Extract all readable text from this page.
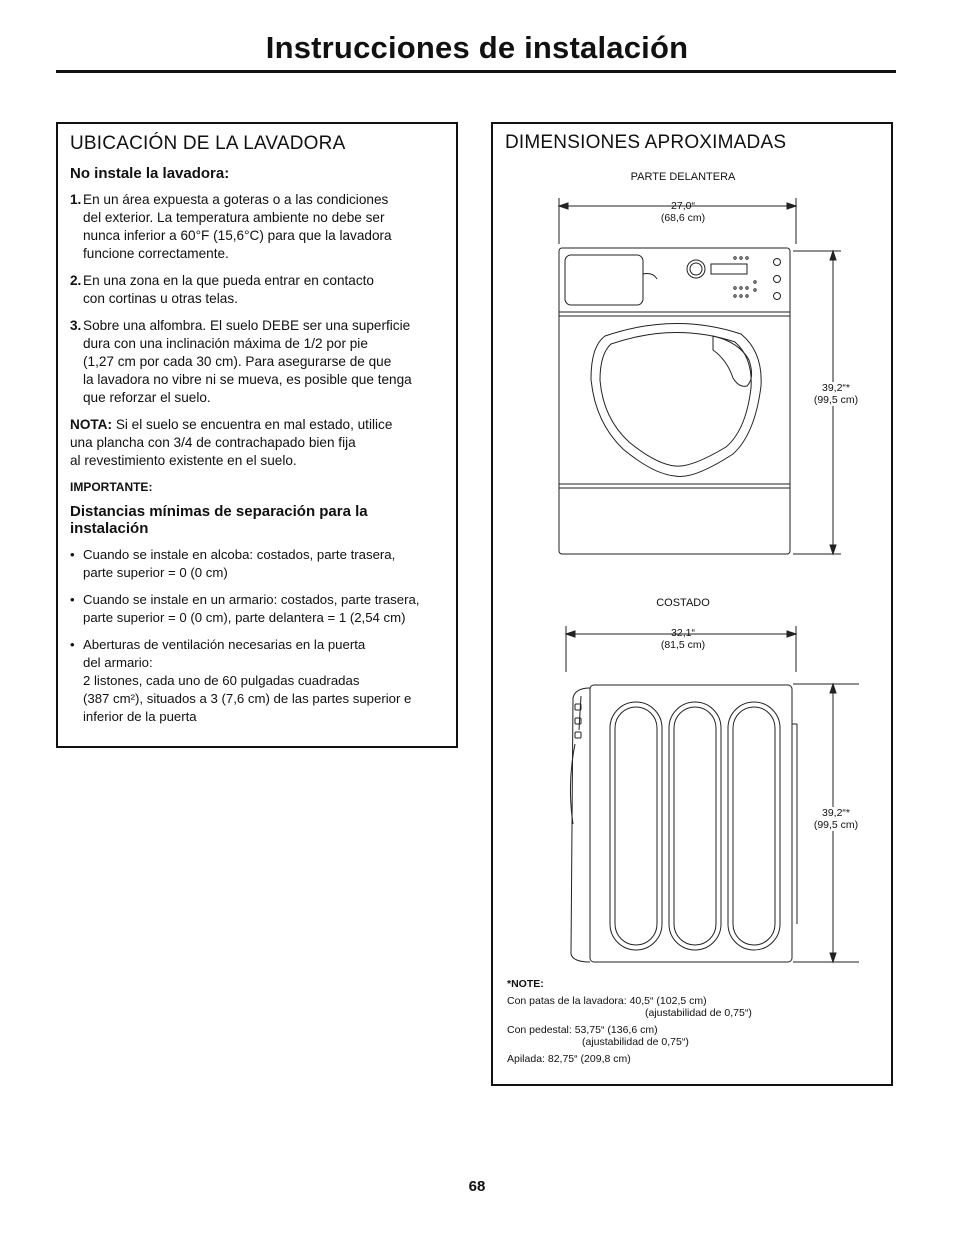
Instrucciones de instalación
UBICACIÓN DE LA LAVADORA
No instale la lavadora:
1. En un área expuesta a goteras o a las condiciones
del exterior. La temperatura ambiente no debe ser
nunca inferior a 60°F (15,6°C) para que la lavadora
funcione correctamente.
2. En una zona en la que pueda entrar en contacto
con cortinas u otras telas.
3. Sobre una alfombra. El suelo DEBE ser una superficie
dura con una inclinación máxima de 1/2 por pie
(1,27 cm por cada 30 cm). Para asegurarse de que
la lavadora no vibre ni se mueva, es posible que tenga
que reforzar el suelo.
NOTA: Si el suelo se encuentra en mal estado, utilice
una plancha con 3/4 de contrachapado bien fija
al revestimiento existente en el suelo.
IMPORTANTE:
Distancias mínimas de separación para la
instalación
• Cuando se instale en alcoba: costados, parte trasera,
parte superior = 0 (0 cm)
• Cuando se instale en un armario: costados, parte trasera,
parte superior = 0 (0 cm), parte delantera = 1 (2,54 cm)
• Aberturas de ventilación necesarias en la puerta
del armario:
2 listones, cada uno de 60 pulgadas cuadradas
(387 cm²), situados a 3 (7,6 cm) de las partes superior e
inferior de la puerta
DIMENSIONES APROXIMADAS
PARTE DELANTERA
27,0“
(68,6 cm)
39,2“*
(99,5 cm)
COSTADO
32,1“
(81,5 cm)
39,2“*
(99,5 cm)
*NOTE:
Con patas de la lavadora: 40,5“ (102,5 cm)
(ajustabilidad de 0,75“)
Con pedestal: 53,75“ (136,6 cm)
(ajustabilidad de 0,75“)
Apilada: 82,75“ (209,8 cm)
68
